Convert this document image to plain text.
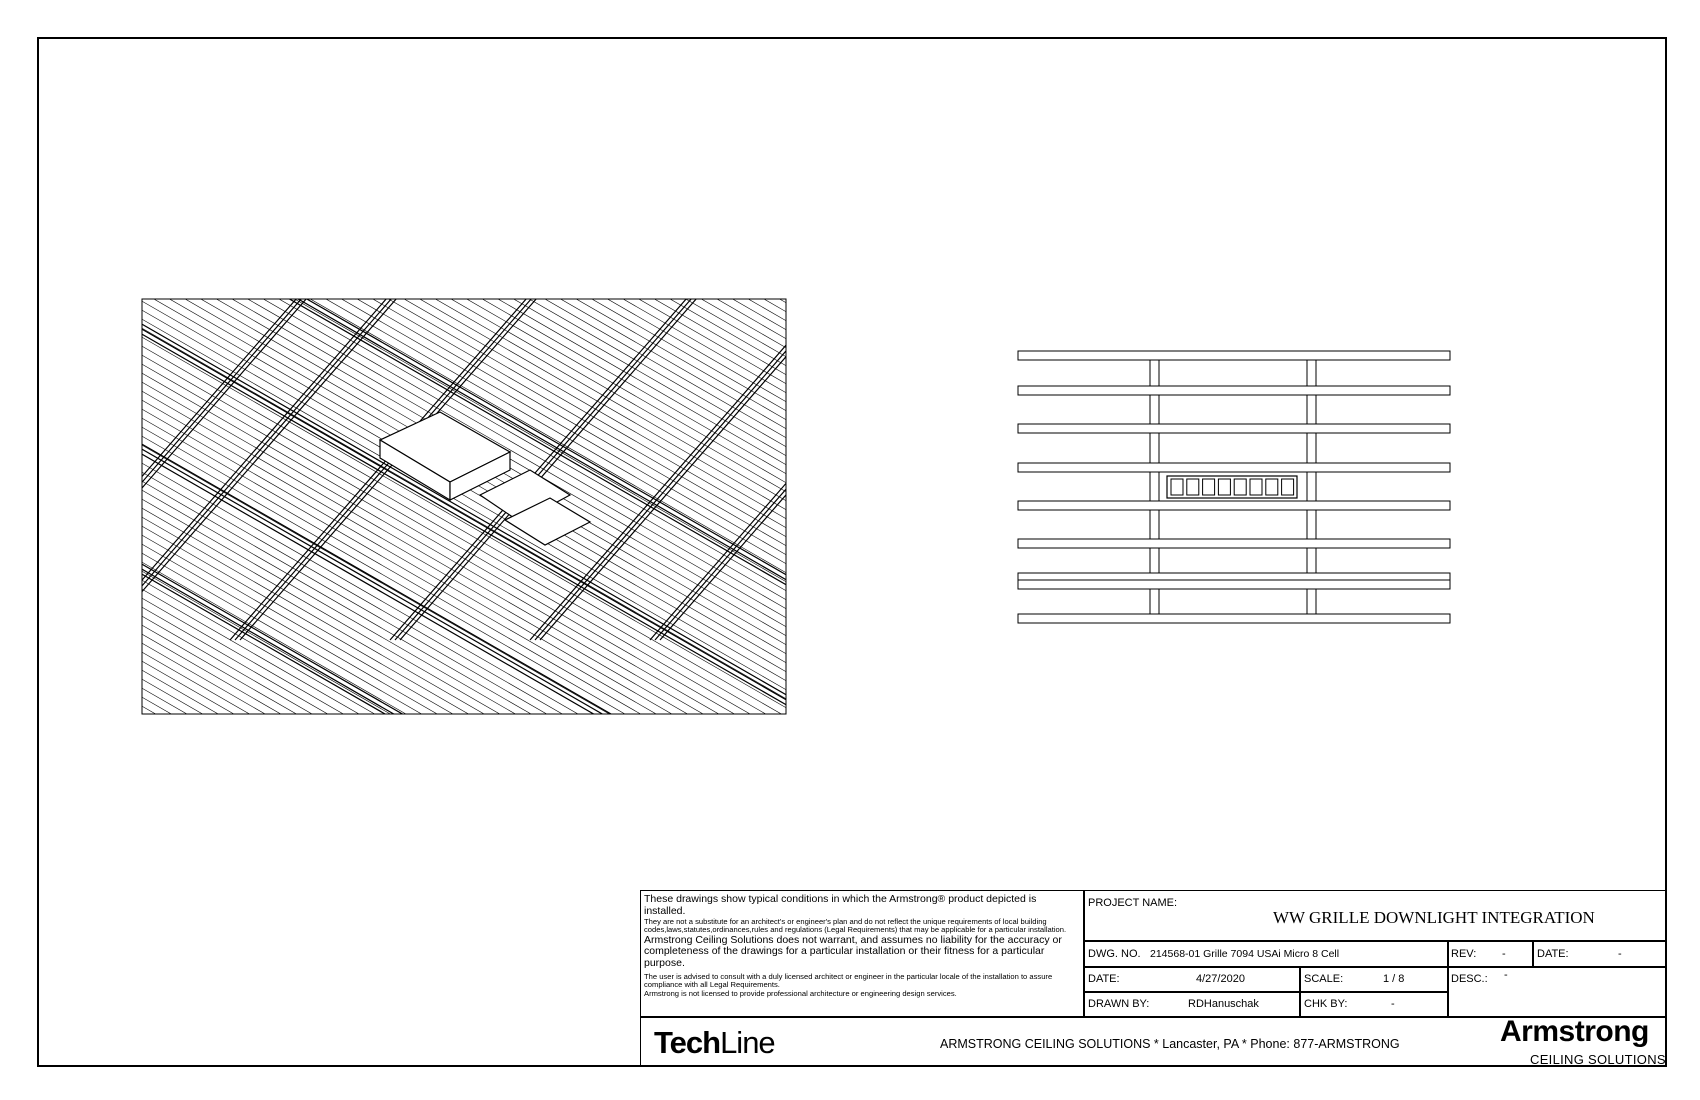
These drawings show typical conditions in which the Armstrong® product depicted is installed.
They are not a substitute for an architect's or engineer's plan and do not reflect the unique requirements of local building codes,laws,statutes,ordinances,rules and regulations (Legal Requirements) that may be applicable for a particular installation.
Armstrong Ceiling Solutions does not warrant, and assumes no liability for the accuracy or completeness of the drawings for a particular installation or their fitness for a particular purpose.
The user is advised to consult with a duly licensed architect or engineer in the particular locale of the installation to assure compliance with all Legal Requirements.
Armstrong is not licensed to provide professional architecture or engineering design services.
PROJECT NAME:
WW GRILLE DOWNLIGHT INTEGRATION
DWG. NO. 214568-01 Grille 7094 USAi Micro 8 Cell	REV: -	DATE:	-
DATE:	4/27/2020	SCALE:	1 / 8	DESC.: -
DRAWN BY:	RDHanuschak	CHK BY:	-
TechLine	ARMSTRONG CEILING SOLUTIONS * Lancaster, PA * Phone: 877-ARMSTRONG	Armstrong
CEILING SOLUTIONS
